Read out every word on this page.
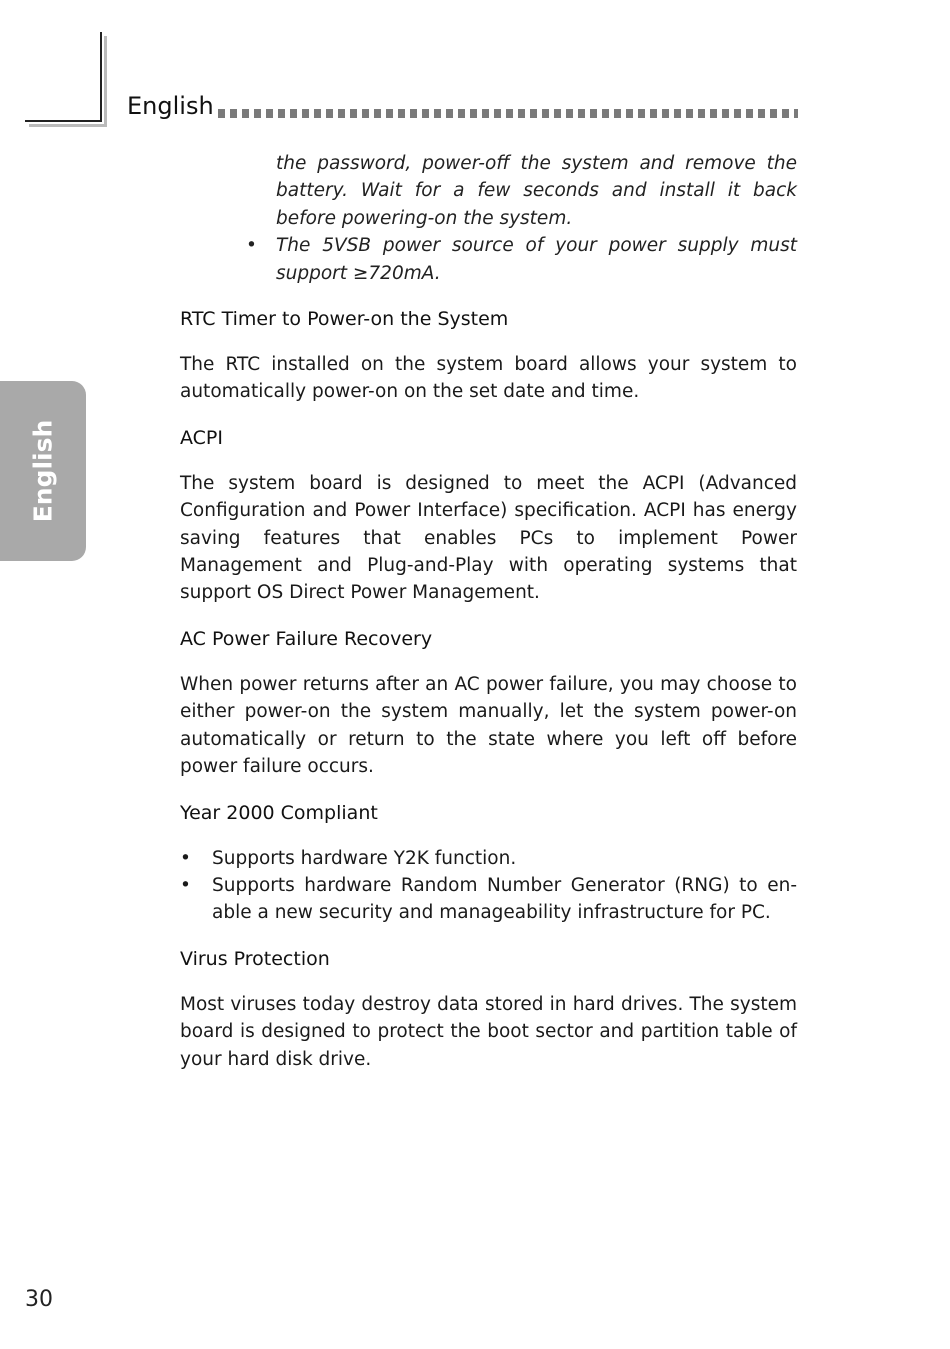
English
English
the password, power-off the system and remove the battery. Wait for a few seconds and install it back before powering-on the system.
• The 5VSB power source of your power supply must support ≥720mA.
RTC Timer to Power-on the System

The RTC installed on the system board allows your system to automatically power-on on the set date and time.

ACPI

The system board is designed to meet the ACPI (Advanced Configuration and Power Interface) specification. ACPI has energy saving features that enables PCs to implement Power Management and Plug-and-Play with operating systems that support OS Direct Power Management.

AC Power Failure Recovery

When power returns after an AC power failure, you may choose to either power-on the system manually, let the system power-on automatically or return to the state where you left off before power failure occurs.

Year 2000 Compliant
• Supports hardware Y2K function.
• Supports hardware Random Number Generator (RNG) to en-able a new security and manageability infrastructure for PC.
Virus Protection

Most viruses today destroy data stored in hard drives. The system board is designed to protect the boot sector and partition table of your hard disk drive.

30
